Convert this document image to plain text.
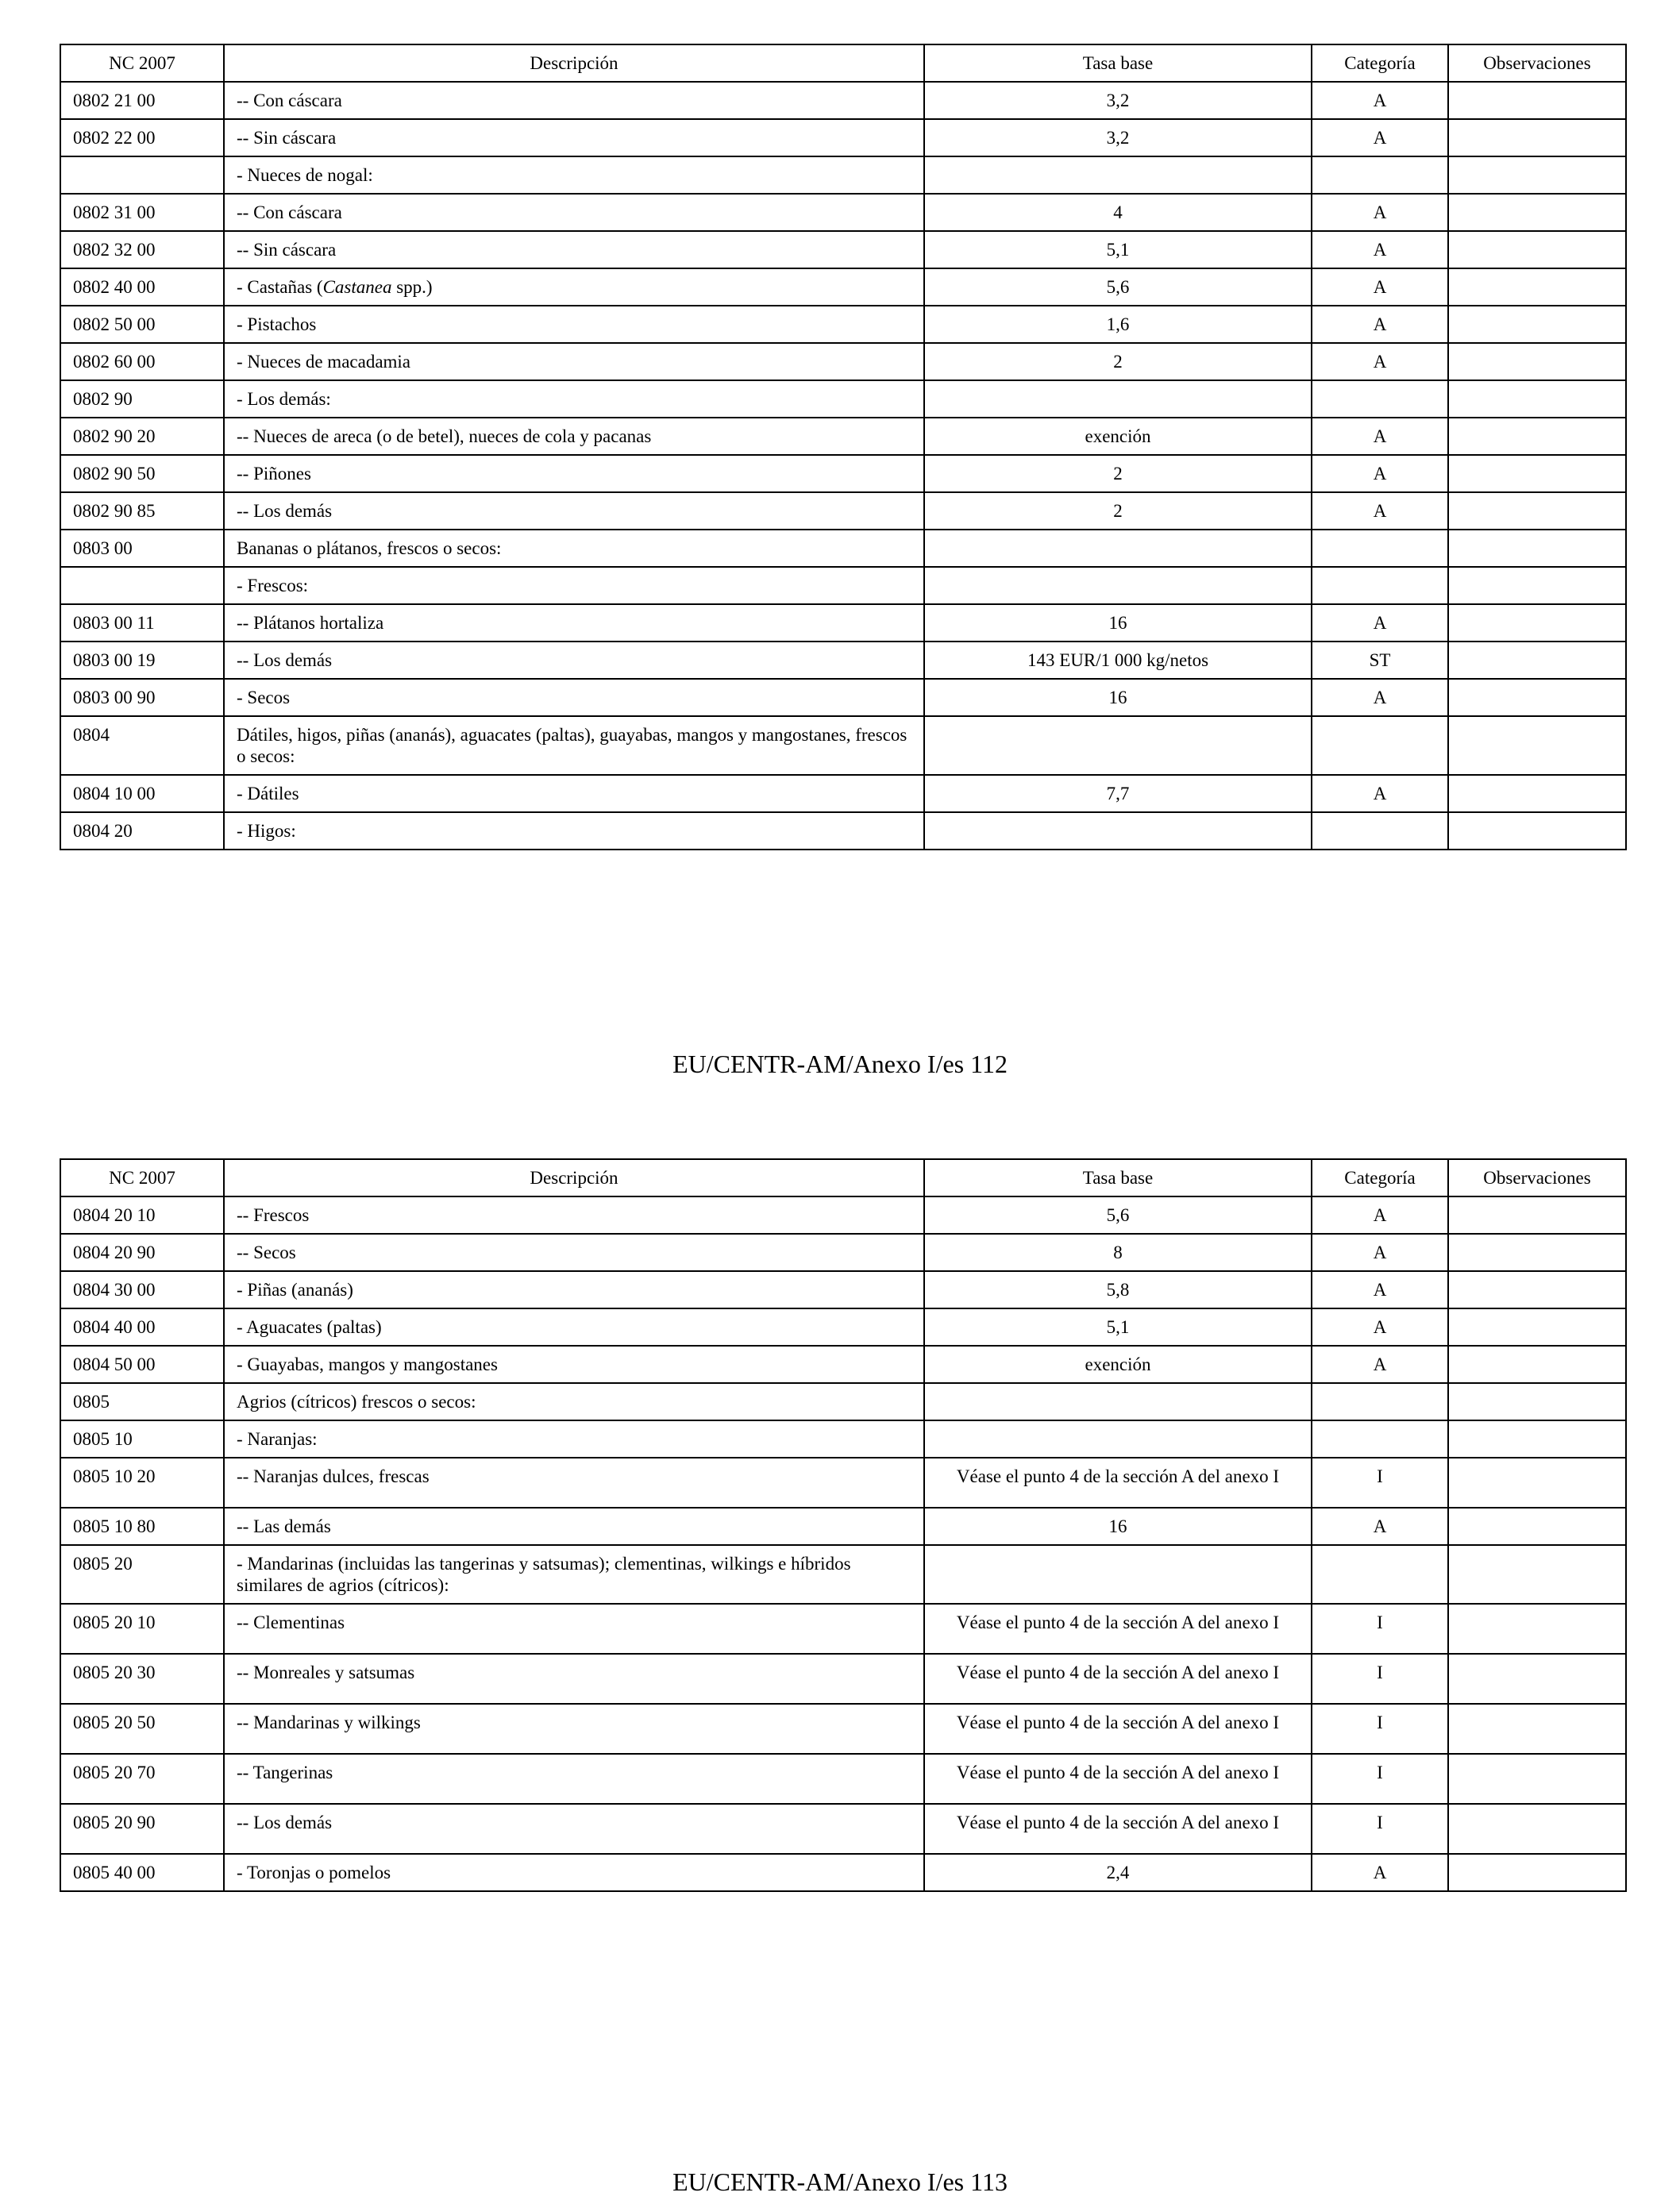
NC 2007	Descripción	Tasa base	Categoría	Observaciones
0802 21 00	-- Con cáscara	3,2	A	
0802 22 00	-- Sin cáscara	3,2	A	
	- Nueces de nogal:			
0802 31 00	-- Con cáscara	4	A	
0802 32 00	-- Sin cáscara	5,1	A	
0802 40 00	- Castañas (Castanea spp.)	5,6	A	
0802 50 00	- Pistachos	1,6	A	
0802 60 00	- Nueces de macadamia	2	A	
0802 90	- Los demás:			
0802 90 20	-- Nueces de areca (o de betel), nueces de cola y pacanas	exención	A	
0802 90 50	-- Piñones	2	A	
0802 90 85	-- Los demás	2	A	
0803 00	Bananas o plátanos, frescos o secos:			
	- Frescos:			
0803 00 11	-- Plátanos hortaliza	16	A	
0803 00 19	-- Los demás	143 EUR/1 000 kg/netos	ST	
0803 00 90	- Secos	16	A	
0804	Dátiles, higos, piñas (ananás), aguacates (paltas), guayabas, mangos y mangostanes, frescos o secos:			
0804 10 00	- Dátiles	7,7	A	
0804 20	- Higos:			
EU/CENTR-AM/Anexo I/es 112
NC 2007	Descripción	Tasa base	Categoría	Observaciones
0804 20 10	-- Frescos	5,6	A	
0804 20 90	-- Secos	8	A	
0804 30 00	- Piñas (ananás)	5,8	A	
0804 40 00	- Aguacates (paltas)	5,1	A	
0804 50 00	- Guayabas, mangos y mangostanes	exención	A	
0805	Agrios (cítricos) frescos o secos:			
0805 10	- Naranjas:			
0805 10 20	-- Naranjas dulces, frescas	Véase el punto 4 de la sección A del anexo I	I	
0805 10 80	-- Las demás	16	A	
0805 20	- Mandarinas (incluidas las tangerinas y satsumas); clementinas, wilkings e híbridos similares de agrios (cítricos):			
0805 20 10	-- Clementinas	Véase el punto 4 de la sección A del anexo I	I	
0805 20 30	-- Monreales y satsumas	Véase el punto 4 de la sección A del anexo I	I	
0805 20 50	-- Mandarinas y wilkings	Véase el punto 4 de la sección A del anexo I	I	
0805 20 70	-- Tangerinas	Véase el punto 4 de la sección A del anexo I	I	
0805 20 90	-- Los demás	Véase el punto 4 de la sección A del anexo I	I	
0805 40 00	- Toronjas o pomelos	2,4	A	
EU/CENTR-AM/Anexo I/es 113
